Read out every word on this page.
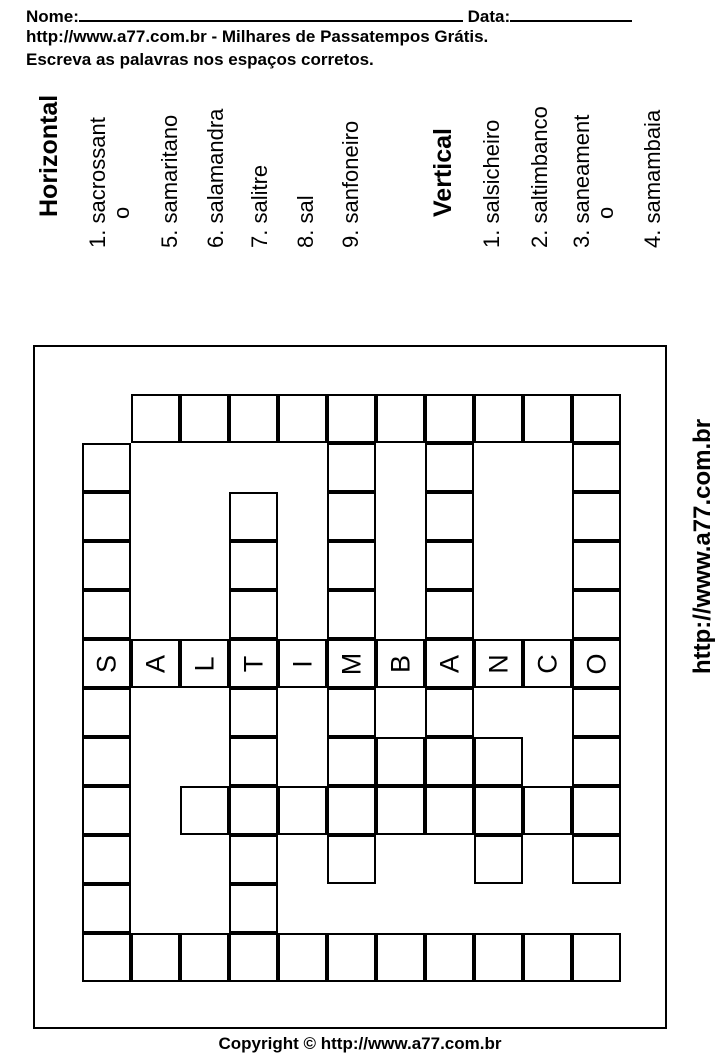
Nome:	Data:
http://www.a77.com.br - Milhares de Passatempos Grátis.
Escreva as palavras nos espaços corretos.
Horizontal 1. sacrossant o 5. samaritano 6. salamandra 7. salitre 8. sal 9. sanfoneiro	Vertical 1. salsicheiro 2. saltimbanco 3. saneament o 4. samambaia
S A L T I M B A N C O	http://www.a77.com.br
Copyright © http://www.a77.com.br
